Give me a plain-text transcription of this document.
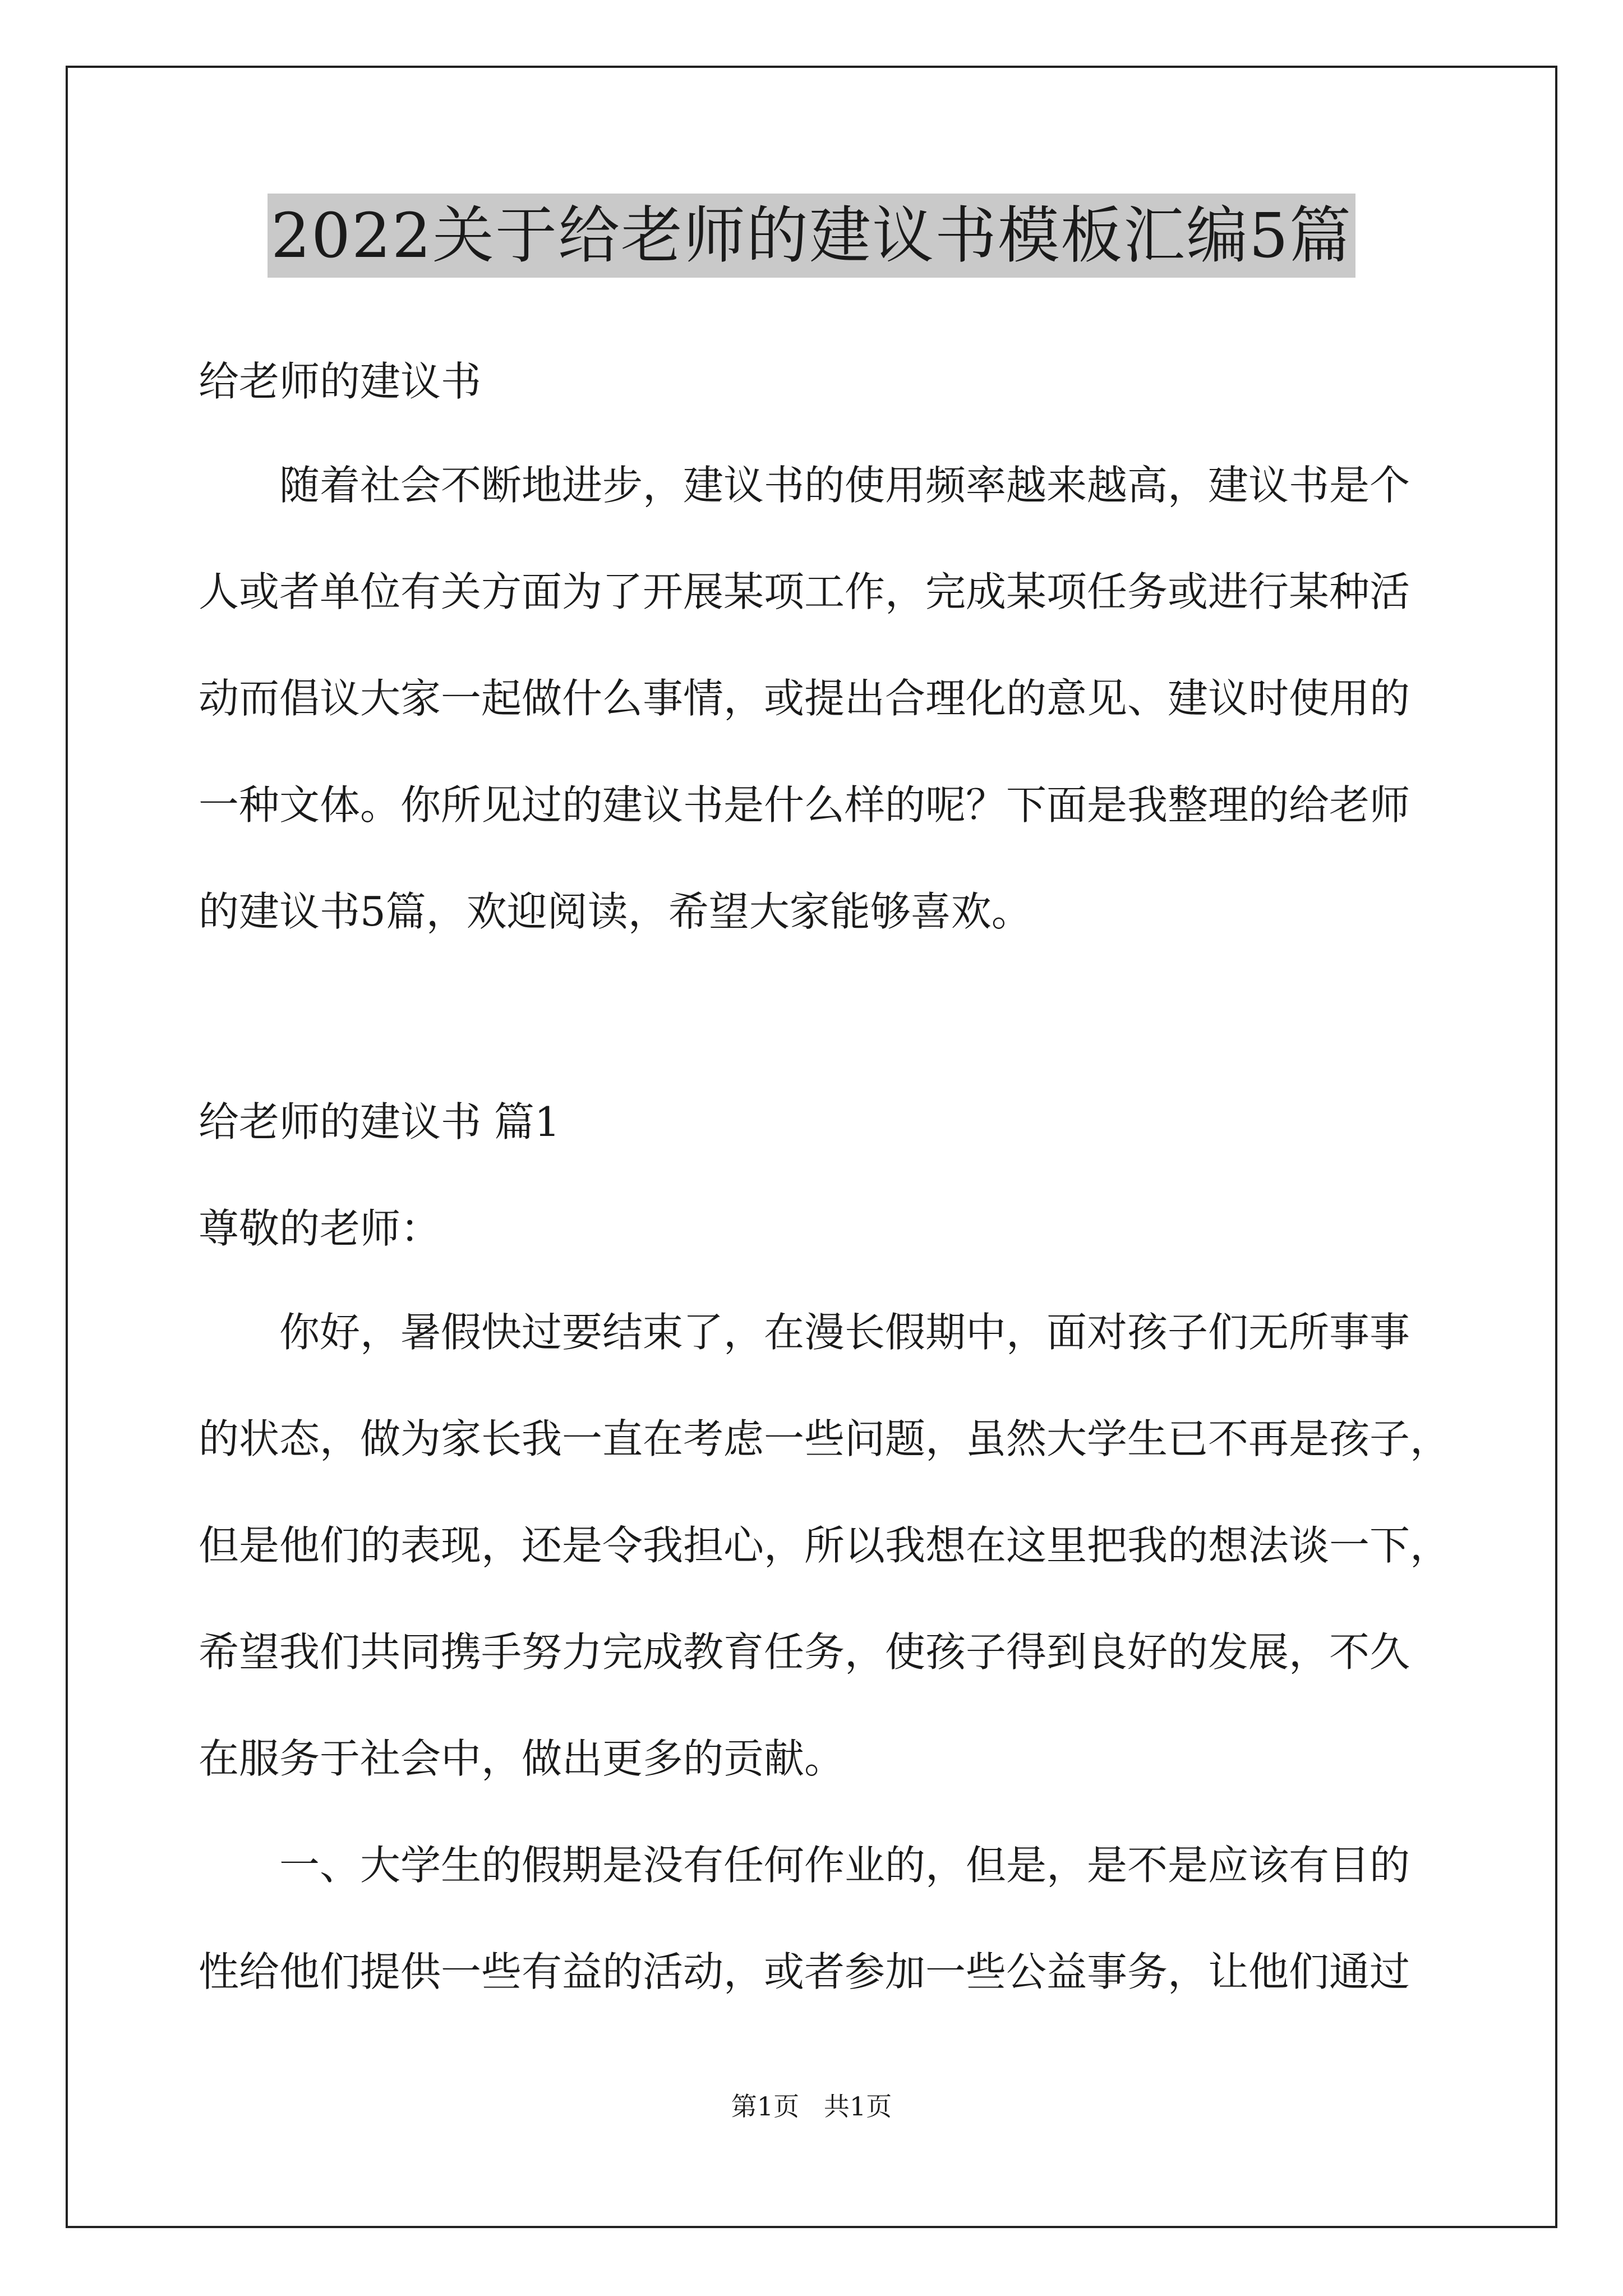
2022关于给老师的建议书模板汇编5篇
给老师的建议书
　　随着社会不断地进步，建议书的使用频率越来越高，建议书是个
人或者单位有关方面为了开展某项工作，完成某项任务或进行某种活
动而倡议大家一起做什么事情，或提出合理化的意见、建议时使用的
一种文体。你所见过的建议书是什么样的呢？下面是我整理的给老师
的建议书5篇，欢迎阅读，希望大家能够喜欢。
给老师的建议书 篇1
尊敬的老师：
　　你好，暑假快过要结束了，在漫长假期中，面对孩子们无所事事
的状态，做为家长我一直在考虑一些问题，虽然大学生已不再是孩子，
但是他们的表现，还是令我担心，所以我想在这里把我的想法谈一下，
希望我们共同携手努力完成教育任务，使孩子得到良好的发展，不久
在服务于社会中，做出更多的贡献。
　　一、大学生的假期是没有任何作业的，但是，是不是应该有目的
性给他们提供一些有益的活动，或者参加一些公益事务，让他们通过
第1页   共1页
